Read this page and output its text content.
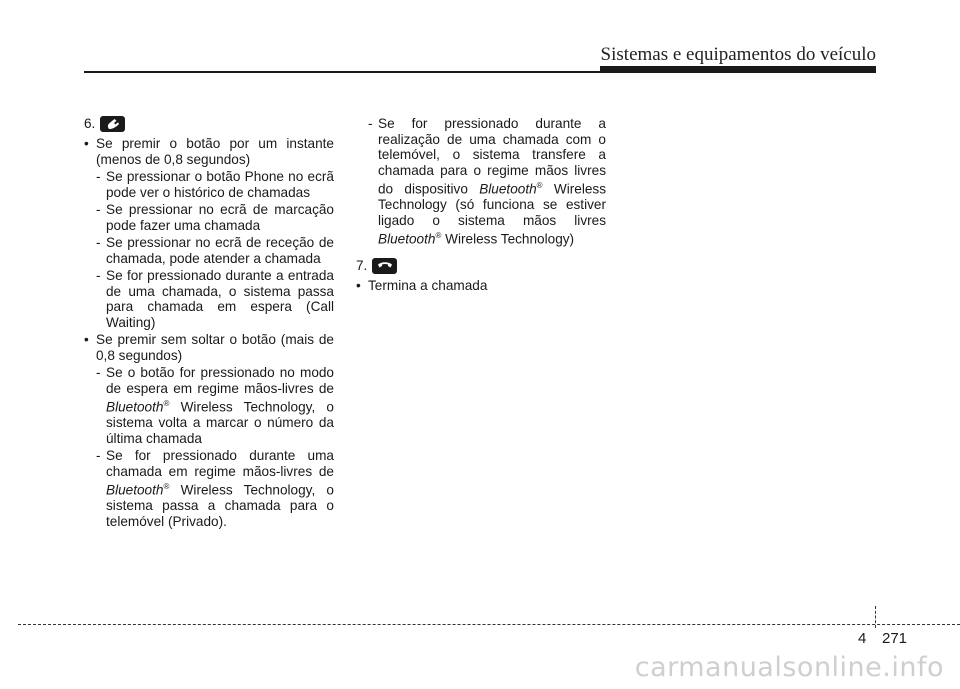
Sistemas e equipamentos do veículo
6.
• Se premir o botão por um instante (menos de 0,8 segundos)
- Se pressionar o botão Phone no ecrã pode ver o histórico de chamadas
- Se pressionar no ecrã de marcação pode fazer uma chamada
- Se pressionar no ecrã de receção de chamada, pode atender a chamada
- Se for pressionado durante a entrada de uma chamada, o sistema passa para chamada em espera (Call Waiting)
• Se premir sem soltar o botão (mais de 0,8 segundos)
- Se o botão for pressionado no modo de espera em regime mãos-livres de Bluetooth® Wireless Technology, o sistema volta a marcar o número da última chamada
- Se for pressionado durante uma chamada em regime mãos-livres de Bluetooth® Wireless Technology, o sistema passa a chamada para o telemóvel (Privado).
- Se for pressionado durante a realização de uma chamada com o telemóvel, o sistema transfere a chamada para o regime mãos livres do dispositivo Bluetooth® Wireless Technology (só funciona se estiver ligado o sistema mãos livres Bluetooth® Wireless Technology)
7.
• Termina a chamada
4 271
carmanualsonline.info
